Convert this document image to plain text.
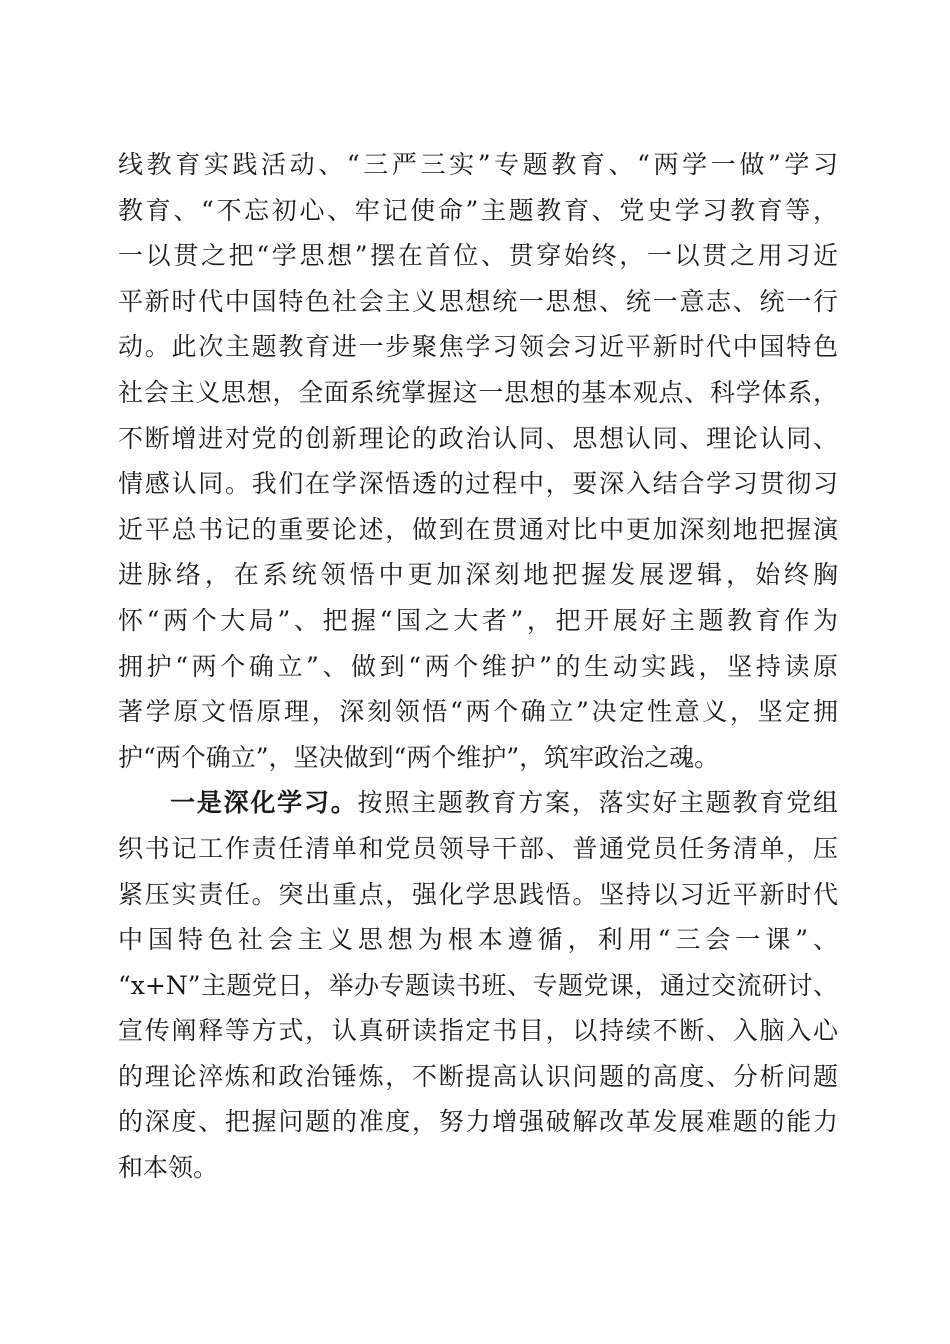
线教育实践活动、“三严三实”专题教育、“两学一做”学习
教育、“不忘初心、牢记使命”主题教育、党史学习教育等，
一以贯之把“学思想”摆在首位、贯穿始终，一以贯之用习近
平新时代中国特色社会主义思想统一思想、统一意志、统一行
动。此次主题教育进一步聚焦学习领会习近平新时代中国特色
社会主义思想，全面系统掌握这一思想的基本观点、科学体系，
不断增进对党的创新理论的政治认同、思想认同、理论认同、
情感认同。我们在学深悟透的过程中，要深入结合学习贯彻习
近平总书记的重要论述，做到在贯通对比中更加深刻地把握演
进脉络，在系统领悟中更加深刻地把握发展逻辑，始终胸
怀“两个大局”、把握“国之大者”，把开展好主题教育作为
拥护“两个确立”、做到“两个维护”的生动实践，坚持读原
著学原文悟原理，深刻领悟“两个确立”决定性意义，坚定拥
护“两个确立”，坚决做到“两个维护”，筑牢政治之魂。
一是深化学习。按照主题教育方案，落实好主题教育党组
织书记工作责任清单和党员领导干部、普通党员任务清单，压
紧压实责任。突出重点，强化学思践悟。坚持以习近平新时代
中国特色社会主义思想为根本遵循，利用“三会一课”、
“x+N”主题党日，举办专题读书班、专题党课，通过交流研讨、
宣传阐释等方式，认真研读指定书目，以持续不断、入脑入心
的理论淬炼和政治锤炼，不断提高认识问题的高度、分析问题
的深度、把握问题的准度，努力增强破解改革发展难题的能力
和本领。
